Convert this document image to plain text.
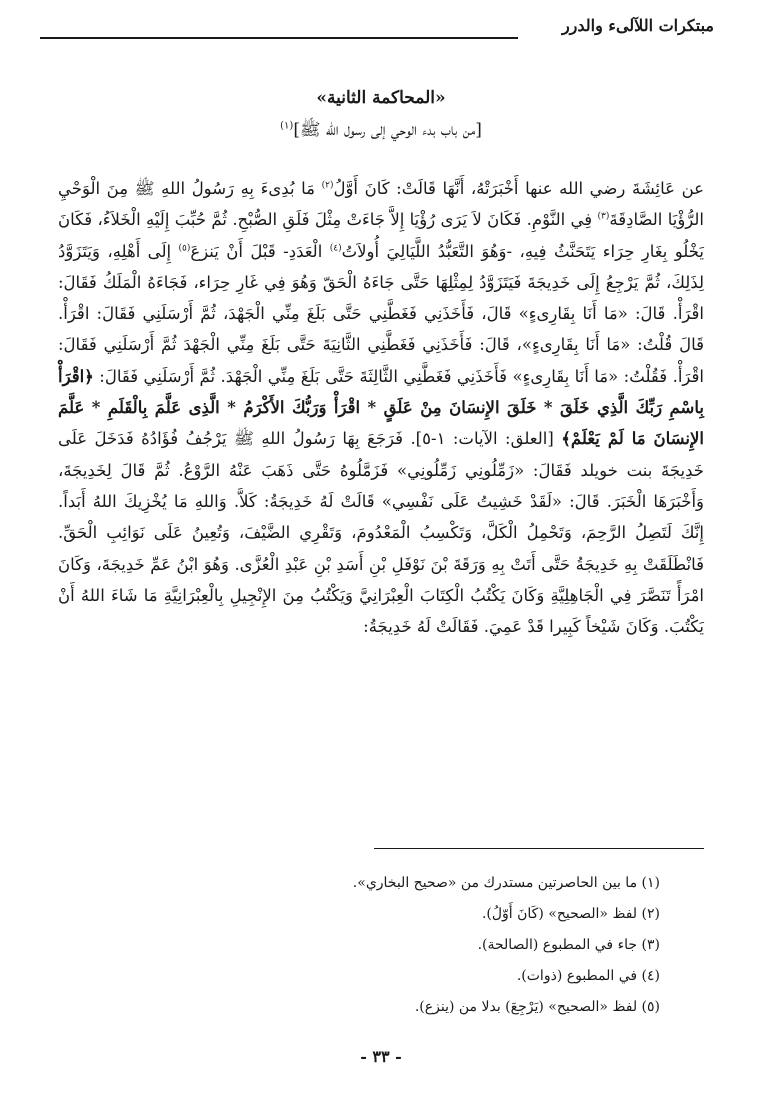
مبتكرات اللآلىء والدرر
«المحاكمة الثانية»
[من باب بدء الوحي إلى رسول الله ﷺ]$^{(١)}$

عن عَائِشَةَ رضي الله عنها أَخْبَرَتْهُ، أَنَّهَا قَالَتْ: كَانَ أَوَّلُ$^{(٢)}$ مَا بُدِىءَ بِهِ رَسُولُ اللهِ ﷺ مِنَ الْوَحْيِ الرُّؤْيَا الصَّادِقَةَ$^{(٣)}$ فِي النَّوْمِ. فَكَانَ لاَ يَرَى رُؤْيَا إِلاَّ جَاءَتْ مِثْلَ فَلَقِ الصُّبْحِ. ثُمَّ حُبِّبَ إِلَيْهِ الْخَلاَءُ، فَكَانَ يَخْلُو بِغَارِ حِرَاء يَتَحَنَّثُ فِيهِ، -وَهُوَ التَّعَبُّدُ اللَّيَالِيَ أُولاَتُ$^{(٤)}$ الْعَدَدِ- قَبْلَ أَنْ يَنزعَ$^{(٥)}$ إِلَى أَهْلِهِ، وَيَتَزَوَّدُ لِذَلِكَ، ثُمَّ يَرْجِعُ إِلَى خَدِيجَةَ فَيَتَزَوَّدُ لِمِثْلِهَا حَتَّى جَاءَهُ الْحَقّ وَهُوَ فِي غَارِ حِرَاء، فَجَاءَهُ الْمَلَكُ فَقَالَ: اقْرَأْ. قَالَ: «مَا أَنَا بِقَارِىءٍ» قَالَ، فَأَخَذَنِي فَغَطَّنِي حَتَّى بَلَغَ مِنِّي الْجَهْدَ، ثُمَّ أَرْسَلَنِي فَقَالَ: اقْرَأْ. قَالَ قُلْتُ: «مَا أَنَا بِقَارِىءٍ»، قَالَ: فَأَخَذَنِي فَغَطَّنِي الثَّانِيَةَ حَتَّى بَلَغَ مِنِّي الْجَهْدَ ثُمَّ أَرْسَلَنِي فَقَالَ: اقْرَأْ. فَقُلْتُ: «مَا أَنَا بِقَارِىءٍ» فَأَخَذَنِي فَغَطَّنِي الثَّالِثَةَ حَتَّى بَلَغَ مِنِّي الْجَهْدَ. ثُمَّ أَرْسَلَنِي فَقَالَ: ﴿اقْرَأْ بِاسْمِ رَبِّكَ الَّذِي خَلَقَ * خَلَقَ الإِنسَانَ مِنْ عَلَقٍ * اقْرَأْ وَرَبُّكَ الأَكْرَمُ * الَّذِى عَلَّمَ بِالْقَلَمِ * عَلَّمَ الإِنسَانَ مَا لَمْ يَعْلَمْ﴾ [العلق: الآيات: ١-٥]. فَرَجَعَ بِهَا رَسُولُ اللهِ ﷺ يَرْجُفُ فُؤَادُهُ فَدَخَلَ عَلَى خَدِيجَةَ بنت خويلد فَقَالَ: «زَمِّلُونِي زَمِّلُونِي» فَزَمَّلُوهُ حَتَّى ذَهَبَ عَنْهُ الرَّوْعُ. ثُمَّ قَالَ لِخَدِيجَةَ، وَأَخْبَرَهَا الْخَبَرَ. قَالَ: «لَقَدْ خَشِيتُ عَلَى نَفْسِي» قَالَتْ لَهُ خَدِيجَةُ: كَلاَّ. وَاللهِ مَا يُخْزِيكَ اللهُ أَبَداً. إِنَّكَ لَتَصِلُ الرَّحِمَ، وَتَحْمِلُ الْكَلَّ، وَتَكْسِبُ الْمَعْدُومَ، وَتَقْرِي الضَّيْفَ، وَتُعِينُ عَلَى نَوَائِبِ الْحَقِّ. فَانْطَلَقَتْ بِهِ خَدِيجَةُ حَتَّى أَتَتْ بِهِ وَرَقَةَ بْنَ نَوْفَلِ بْنِ أَسَدِ بْنِ عَبْدِ الْعُزَّى. وَهُوَ ابْنُ عَمِّ خَدِيجَةَ، وَكَانَ امْرَأً تَنَصَّرَ فِي الْجَاهِلِيَّةِ وَكَانَ يَكْتُبُ الْكِتَابَ الْعِبْرَانِيَّ وَيَكْتُبُ مِنَ الإِنْجِيلِ بِالْعِبْرَانِيَّةِ مَا شَاءَ اللهُ أَنْ يَكْتُبَ. وَكَانَ شَيْخاً كَبِيرا قَدْ عَمِيَ. فَقَالَتْ لَهُ خَدِيجَةُ:

(١) ما بين الحاصرتين مستدرك من «صحيح البخاري».
(٢) لفظ «الصحيح» (كَانَ أَوّلُ).
(٣) جاء في المطبوع (الصالحة).
(٤) في المطبوع (ذوات).
(٥) لفظ «الصحيح» (يَرْجِعَ) بدلا من (ينزع).
- ٣٣ -
